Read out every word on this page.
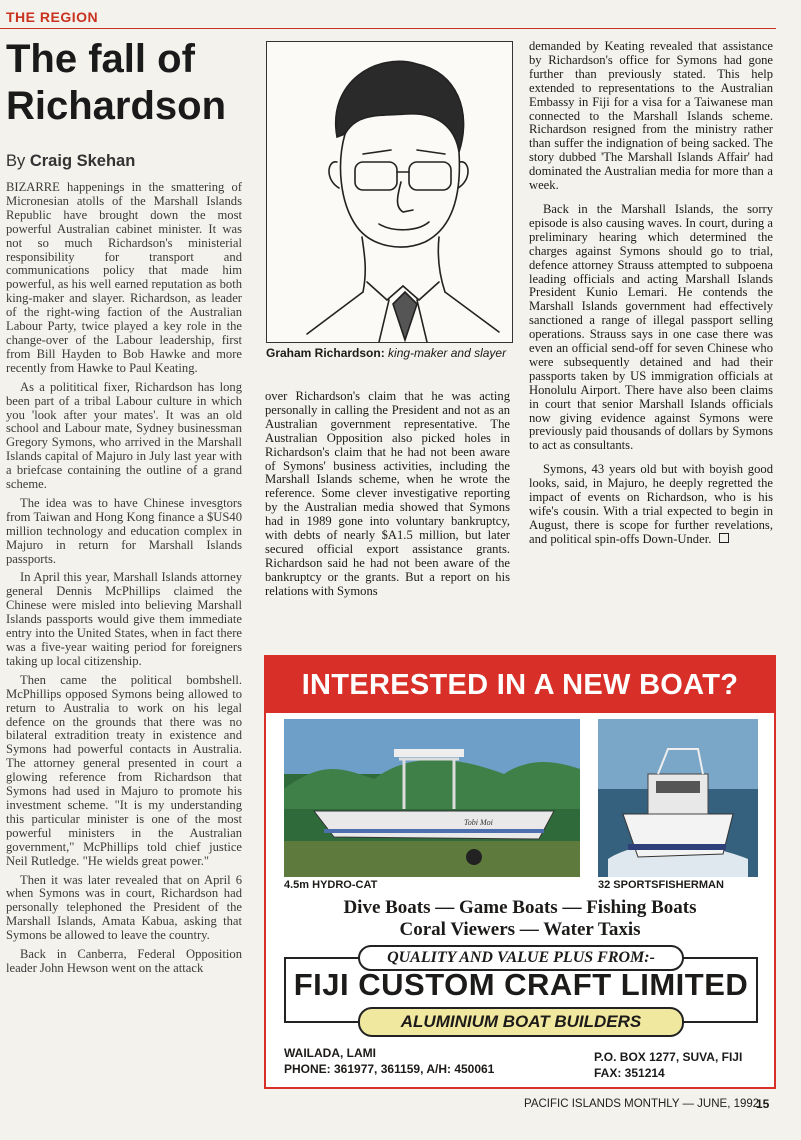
THE REGION
The fall of
Richardson
By Craig Skehan

BIZARRE happenings in the smattering of Micronesian atolls of the Marshall Islands Republic have brought down the most powerful Australian cabinet minister. It was not so much Richardson's ministerial responsibility for transport and communications policy that made him powerful, as his well earned reputation as both king-maker and slayer. Richardson, as leader of the right-wing faction of the Australian Labour Party, twice played a key role in the change-over of the Labour leadership, first from Bill Hayden to Bob Hawke and more recently from Hawke to Paul Keating.

As a polititical fixer, Richardson has long been part of a tribal Labour culture in which you 'look after your mates'. It was an old school and Labour mate, Sydney businessman Gregory Symons, who arrived in the Marshall Islands capital of Majuro in July last year with a briefcase containing the outline of a grand scheme.

The idea was to have Chinese invesgtors from Taiwan and Hong Kong finance a $US40 million technology and education complex in Majuro in return for Marshall Islands passports.

In April this year, Marshall Islands attorney general Dennis McPhillips claimed the Chinese were misled into believing Marshall Islands passports would give them immediate entry into the United States, when in fact there was a five-year waiting period for foreigners taking up local citizenship.

Then came the political bombshell. McPhillips opposed Symons being allowed to return to Australia to work on his legal defence on the grounds that there was no bilateral extradition treaty in existence and Symons had powerful contacts in Australia. The attorney general presented in court a glowing reference from Richardson that Symons had used in Majuro to promote his investment scheme. "It is my understanding this particular minister is one of the most powerful ministers in the Australian government," McPhillips told chief justice Neil Rutledge. "He wields great power."

Then it was later revealed that on April 6 when Symons was in court, Richardson had personally telephoned the President of the Marshall Islands, Amata Kabua, asking that Symons be allowed to leave the country.

Back in Canberra, Federal Opposition leader John Hewson went on the attack

Graham Richardson: king-maker and slayer

over Richardson's claim that he was acting personally in calling the President and not as an Australian government representative. The Australian Opposition also picked holes in Richardson's claim that he had not been aware of Symons' business activities, including the Marshall Islands scheme, when he wrote the reference. Some clever investigative reporting by the Australian media showed that Symons had in 1989 gone into voluntary bankruptcy, with debts of nearly $A1.5 million, but later secured official export assistance grants. Richardson said he had not been aware of the bankruptcy or the grants. But a report on his relations with Symons

demanded by Keating revealed that assistance by Richardson's office for Symons had gone further than previously stated. This help extended to representations to the Australian Embassy in Fiji for a visa for a Taiwanese man connected to the Marshall Islands scheme. Richardson resigned from the ministry rather than suffer the indignation of being sacked. The story dubbed 'The Marshall Islands Affair' had dominated the Australian media for more than a week.

Back in the Marshall Islands, the sorry episode is also causing waves. In court, during a preliminary hearing which determined the charges against Symons should go to trial, defence attorney Strauss attempted to subpoena leading officials and acting Marshall Islands President Kunio Lemari. He contends the Marshall Islands government had effectively sanctioned a range of illegal passport selling operations. Strauss says in one case there was even an official send-off for seven Chinese who were subsequently detained and had their passports taken by US immigration officials at Honolulu Airport. There have also been claims in court that senior Marshall Islands officials now giving evidence against Symons were previously paid thousands of dollars by Symons to act as consultants.

Symons, 43 years old but with boyish good looks, said, in Majuro, he deeply regretted the impact of events on Richardson, who is his wife's cousin. With a trial expected to begin in August, there is scope for further revelations, and political spin-offs Down-Under.

INTERESTED IN A NEW BOAT?
Tobi Moi
4.5m HYDRO-CAT	32 SPORTSFISHERMAN
Dive Boats — Game Boats — Fishing Boats
Coral Viewers — Water Taxis
QUALITY AND VALUE PLUS FROM:-
FIJI CUSTOM CRAFT LIMITED
ALUMINIUM BOAT BUILDERS
WAILADA, LAMI
PHONE: 361977, 361159, A/H: 450061
P.O. BOX 1277, SUVA, FIJI
FAX: 351214
PACIFIC ISLANDS MONTHLY — JUNE, 1992
15
